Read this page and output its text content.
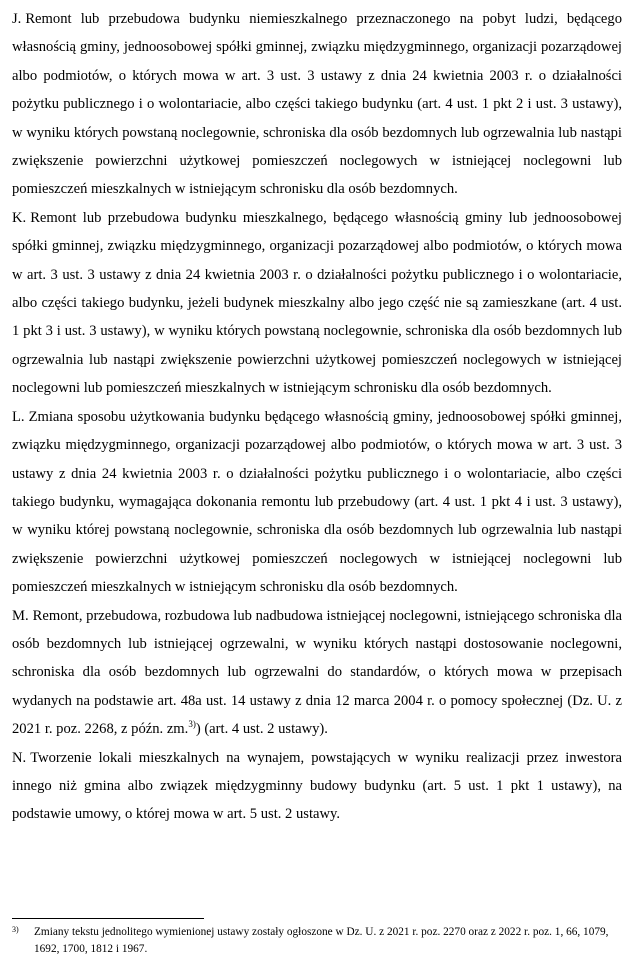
J. Remont lub przebudowa budynku niemieszkalnego przeznaczonego na pobyt ludzi, będącego własnością gminy, jednoosobowej spółki gminnej, związku międzygminnego, organizacji pozarządowej albo podmiotów, o których mowa w art. 3 ust. 3 ustawy z dnia 24 kwietnia 2003 r. o działalności pożytku publicznego i o wolontariacie, albo części takiego budynku (art. 4 ust. 1 pkt 2 i ust. 3 ustawy), w wyniku których powstaną noclegownie, schroniska dla osób bezdomnych lub ogrzewalnia lub nastąpi zwiększenie powierzchni użytkowej pomieszczeń noclegowych w istniejącej noclegowni lub pomieszczeń mieszkalnych w istniejącym schronisku dla osób bezdomnych.

K. Remont lub przebudowa budynku mieszkalnego, będącego własnością gminy lub jednoosobowej spółki gminnej, związku międzygminnego, organizacji pozarządowej albo podmiotów, o których mowa w art. 3 ust. 3 ustawy z dnia 24 kwietnia 2003 r. o działalności pożytku publicznego i o wolontariacie, albo części takiego budynku, jeżeli budynek mieszkalny albo jego część nie są zamieszkane (art. 4 ust. 1 pkt 3 i ust. 3 ustawy), w wyniku których powstaną noclegownie, schroniska dla osób bezdomnych lub ogrzewalnia lub nastąpi zwiększenie powierzchni użytkowej pomieszczeń noclegowych w istniejącej noclegowni lub pomieszczeń mieszkalnych w istniejącym schronisku dla osób bezdomnych.

L. Zmiana sposobu użytkowania budynku będącego własnością gminy, jednoosobowej spółki gminnej, związku międzygminnego, organizacji pozarządowej albo podmiotów, o których mowa w art. 3 ust. 3 ustawy z dnia 24 kwietnia 2003 r. o działalności pożytku publicznego i o wolontariacie, albo części takiego budynku, wymagająca dokonania remontu lub przebudowy (art. 4 ust. 1 pkt 4 i ust. 3 ustawy), w wyniku której powstaną noclegownie, schroniska dla osób bezdomnych lub ogrzewalnia lub nastąpi zwiększenie powierzchni użytkowej pomieszczeń noclegowych w istniejącej noclegowni lub pomieszczeń mieszkalnych w istniejącym schronisku dla osób bezdomnych.

M. Remont, przebudowa, rozbudowa lub nadbudowa istniejącej noclegowni, istniejącego schroniska dla osób bezdomnych lub istniejącej ogrzewalni, w wyniku których nastąpi dostosowanie noclegowni, schroniska dla osób bezdomnych lub ogrzewalni do standardów, o których mowa w przepisach wydanych na podstawie art. 48a ust. 14 ustawy z dnia 12 marca 2004 r. o pomocy społecznej (Dz. U. z 2021 r. poz. 2268, z późn. zm.$^{3)}$) (art. 4 ust. 2 ustawy).

N. Tworzenie lokali mieszkalnych na wynajem, powstających w wyniku realizacji przez inwestora innego niż gmina albo związek międzygminny budowy budynku (art. 5 ust. 1 pkt 1 ustawy), na podstawie umowy, o której mowa w art. 5 ust. 2 ustawy.

3)	Zmiany tekstu jednolitego wymienionej ustawy zostały ogłoszone w Dz. U. z 2021 r. poz. 2270 oraz z 2022 r. poz. 1, 66, 1079, 1692, 1700, 1812 i 1967.
